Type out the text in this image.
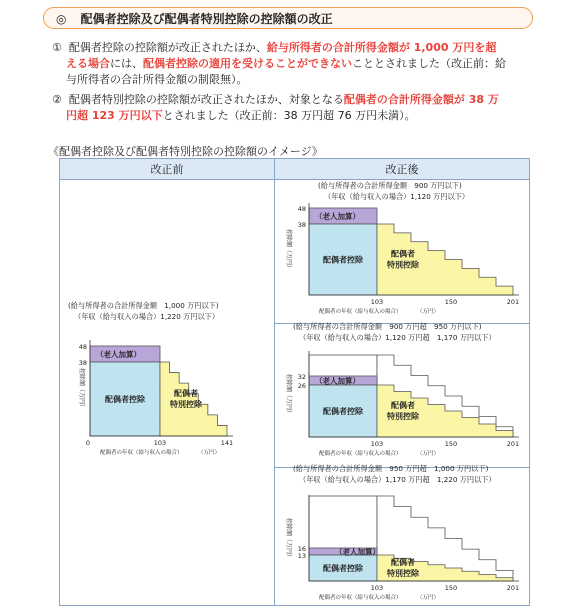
◎ 配偶者控除及び配偶者特別控除の控除額の改正
① 配偶者控除の控除額が改正されたほか、給与所得者の合計所得金額が 1,000 万円を超
える場合には、配偶者控除の適用を受けることができないこととされました（改正前：給
与所得者の合計所得金額の制限無）。
② 配偶者特別控除の控除額が改正されたほか、対象となる配偶者の合計所得金額が 38 万
円超 123 万円以下とされました（改正前：38 万円超 76 万円未満）。
《配偶者控除及び配偶者特別控除の控除額のイメージ》
改正前	改正後

(給与所得者の合計所得金額　1,000 万円以下)
（年収（給与収入の場合）1,220 万円以下）
（老人加算）
配偶者控除
配偶者
特別控除
48
38
控除額（万円）
0	103	141
配偶者の年収（給与収入の場合）	（万円）
(給与所得者の合計所得金額　900 万円以下)
（年収（給与収入の場合）1,120 万円以下）
（老人加算）
配偶者控除
配偶者
特別控除
48
38
控除額（万円）
103	150	201
配偶者の年収（給与収入の場合）	（万円）
(給与所得者の合計所得金額　900 万円超　950 万円以下)
（年収（給与収入の場合）1,120 万円超　1,170 万円以下）
（老人加算）
配偶者控除
配偶者
特別控除
32
26
控除額（万円）
103	150	201
配偶者の年収（給与収入の場合）	（万円）
(給与所得者の合計所得金額　950 万円超　1,000 万円以下)
（年収（給与収入の場合）1,170 万円超　1,220 万円以下）
（老人加算）
配偶者控除
配偶者
特別控除
16
13
控除額（万円）
103	150	201
配偶者の年収（給与収入の場合）	（万円）
